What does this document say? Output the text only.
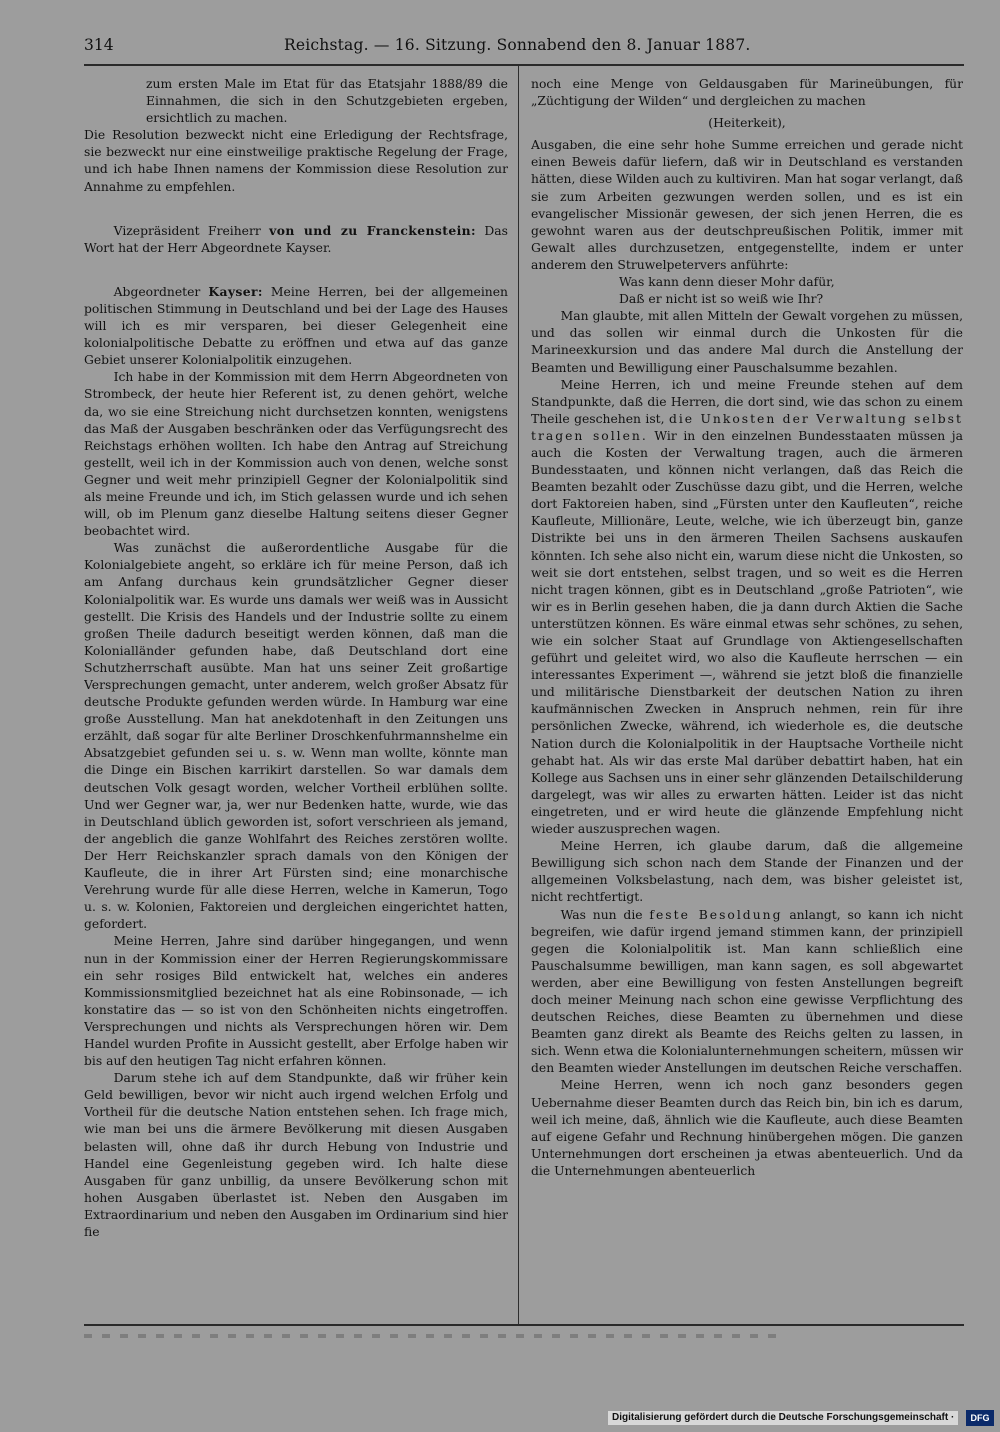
314	Reichstag. — 16. Sitzung. Sonnabend den 8. Januar 1887.

zum ersten Male im Etat für das Etatsjahr 1888/89 die Einnahmen, die sich in den Schutzgebieten ergeben, ersichtlich zu machen.

Die Resolution bezweckt nicht eine Erledigung der Rechtsfrage, sie bezweckt nur eine einstweilige praktische Regelung der Frage, und ich habe Ihnen namens der Kommission diese Resolution zur Annahme zu empfehlen.

Vizepräsident Freiherr von und zu Franckenstein: Das Wort hat der Herr Abgeordnete Kayser.

Abgeordneter Kayser: Meine Herren, bei der allgemeinen politischen Stimmung in Deutschland und bei der Lage des Hauses will ich es mir versparen, bei dieser Gelegenheit eine kolonialpolitische Debatte zu eröffnen und etwa auf das ganze Gebiet unserer Kolonialpolitik einzugehen.

Ich habe in der Kommission mit dem Herrn Abgeordneten von Strombeck, der heute hier Referent ist, zu denen gehört, welche da, wo sie eine Streichung nicht durchsetzen konnten, wenigstens das Maß der Ausgaben beschränken oder das Verfügungsrecht des Reichstags erhöhen wollten. Ich habe den Antrag auf Streichung gestellt, weil ich in der Kommission auch von denen, welche sonst Gegner und weit mehr prinzipiell Gegner der Kolonialpolitik sind als meine Freunde und ich, im Stich gelassen wurde und ich sehen will, ob im Plenum ganz dieselbe Haltung seitens dieser Gegner beobachtet wird.

Was zunächst die außerordentliche Ausgabe für die Kolonialgebiete angeht, so erkläre ich für meine Person, daß ich am Anfang durchaus kein grundsätzlicher Gegner dieser Kolonialpolitik war. Es wurde uns damals wer weiß was in Aussicht gestellt. Die Krisis des Handels und der Industrie sollte zu einem großen Theile dadurch beseitigt werden können, daß man die Kolonialländer gefunden habe, daß Deutschland dort eine Schutzherrschaft ausübte. Man hat uns seiner Zeit großartige Versprechungen gemacht, unter anderem, welch großer Absatz für deutsche Produkte gefunden werden würde. In Hamburg war eine große Ausstellung. Man hat anekdotenhaft in den Zeitungen uns erzählt, daß sogar für alte Berliner Droschkenfuhrmannshelme ein Absatzgebiet gefunden sei u. s. w. Wenn man wollte, könnte man die Dinge ein Bischen karrikirt darstellen. So war damals dem deutschen Volk gesagt worden, welcher Vortheil erblühen sollte. Und wer Gegner war, ja, wer nur Bedenken hatte, wurde, wie das in Deutschland üblich geworden ist, sofort verschrieen als jemand, der angeblich die ganze Wohlfahrt des Reiches zerstören wollte. Der Herr Reichskanzler sprach damals von den Königen der Kaufleute, die in ihrer Art Fürsten sind; eine monarchische Verehrung wurde für alle diese Herren, welche in Kamerun, Togo u. s. w. Kolonien, Faktoreien und dergleichen eingerichtet hatten, gefordert.

Meine Herren, Jahre sind darüber hingegangen, und wenn nun in der Kommission einer der Herren Regierungskommissare ein sehr rosiges Bild entwickelt hat, welches ein anderes Kommissionsmitglied bezeichnet hat als eine Robinsonade, — ich konstatire das — so ist von den Schönheiten nichts eingetroffen. Versprechungen und nichts als Versprechungen hören wir. Dem Handel wurden Profite in Aussicht gestellt, aber Erfolge haben wir bis auf den heutigen Tag nicht erfahren können.

Darum stehe ich auf dem Standpunkte, daß wir früher kein Geld bewilligen, bevor wir nicht auch irgend welchen Erfolg und Vortheil für die deutsche Nation entstehen sehen. Ich frage mich, wie man bei uns die ärmere Bevölkerung mit diesen Ausgaben belasten will, ohne daß ihr durch Hebung von Industrie und Handel eine Gegenleistung gegeben wird. Ich halte diese Ausgaben für ganz unbillig, da unsere Bevölkerung schon mit hohen Ausgaben überlastet ist. Neben den Ausgaben im Extraordinarium und neben den Ausgaben im Ordinarium sind hier fie

noch eine Menge von Geldausgaben für Marineübungen, für „Züchtigung der Wilden“ und dergleichen zu machen

(Heiterkeit),

Ausgaben, die eine sehr hohe Summe erreichen und gerade nicht einen Beweis dafür liefern, daß wir in Deutschland es verstanden hätten, diese Wilden auch zu kultiviren. Man hat sogar verlangt, daß sie zum Arbeiten gezwungen werden sollen, und es ist ein evangelischer Missionär gewesen, der sich jenen Herren, die es gewohnt waren aus der deutschpreußischen Politik, immer mit Gewalt alles durchzusetzen, entgegenstellte, indem er unter anderem den Struwelpetervers anführte:

Was kann denn dieser Mohr dafür,

Daß er nicht ist so weiß wie Ihr?

Man glaubte, mit allen Mitteln der Gewalt vorgehen zu müssen, und das sollen wir einmal durch die Unkosten für die Marineexkursion und das andere Mal durch die Anstellung der Beamten und Bewilligung einer Pauschalsumme bezahlen.

Meine Herren, ich und meine Freunde stehen auf dem Standpunkte, daß die Herren, die dort sind, wie das schon zu einem Theile geschehen ist, die Unkosten der Verwaltung selbst tragen sollen. Wir in den einzelnen Bundesstaaten müssen ja auch die Kosten der Verwaltung tragen, auch die ärmeren Bundesstaaten, und können nicht verlangen, daß das Reich die Beamten bezahlt oder Zuschüsse dazu gibt, und die Herren, welche dort Faktoreien haben, sind „Fürsten unter den Kaufleuten“, reiche Kaufleute, Millionäre, Leute, welche, wie ich überzeugt bin, ganze Distrikte bei uns in den ärmeren Theilen Sachsens auskaufen könnten. Ich sehe also nicht ein, warum diese nicht die Unkosten, so weit sie dort entstehen, selbst tragen, und so weit es die Herren nicht tragen können, gibt es in Deutschland „große Patrioten“, wie wir es in Berlin gesehen haben, die ja dann durch Aktien die Sache unterstützen können. Es wäre einmal etwas sehr schönes, zu sehen, wie ein solcher Staat auf Grundlage von Aktiengesellschaften geführt und geleitet wird, wo also die Kaufleute herrschen — ein interessantes Experiment —, während sie jetzt bloß die finanzielle und militärische Dienstbarkeit der deutschen Nation zu ihren kaufmännischen Zwecken in Anspruch nehmen, rein für ihre persönlichen Zwecke, während, ich wiederhole es, die deutsche Nation durch die Kolonialpolitik in der Hauptsache Vortheile nicht gehabt hat. Als wir das erste Mal darüber debattirt haben, hat ein Kollege aus Sachsen uns in einer sehr glänzenden Detailschilderung dargelegt, was wir alles zu erwarten hätten. Leider ist das nicht eingetreten, und er wird heute die glänzende Empfehlung nicht wieder auszusprechen wagen.

Meine Herren, ich glaube darum, daß die allgemeine Bewilligung sich schon nach dem Stande der Finanzen und der allgemeinen Volksbelastung, nach dem, was bisher geleistet ist, nicht rechtfertigt.

Was nun die feste Besoldung anlangt, so kann ich nicht begreifen, wie dafür irgend jemand stimmen kann, der prinzipiell gegen die Kolonialpolitik ist. Man kann schließlich eine Pauschalsumme bewilligen, man kann sagen, es soll abgewartet werden, aber eine Bewilligung von festen Anstellungen begreift doch meiner Meinung nach schon eine gewisse Verpflichtung des deutschen Reiches, diese Beamten zu übernehmen und diese Beamten ganz direkt als Beamte des Reichs gelten zu lassen, in sich. Wenn etwa die Kolonialunternehmungen scheitern, müssen wir den Beamten wieder Anstellungen im deutschen Reiche verschaffen.

Meine Herren, wenn ich noch ganz besonders gegen Uebernahme dieser Beamten durch das Reich bin, bin ich es darum, weil ich meine, daß, ähnlich wie die Kaufleute, auch diese Beamten auf eigene Gefahr und Rechnung hinübergehen mögen. Die ganzen Unternehmungen dort erscheinen ja etwas abenteuerlich. Und da die Unternehmungen abenteuerlich

Digitalisierung gefördert durch die Deutsche Forschungsgemeinschaft ·	DFG
